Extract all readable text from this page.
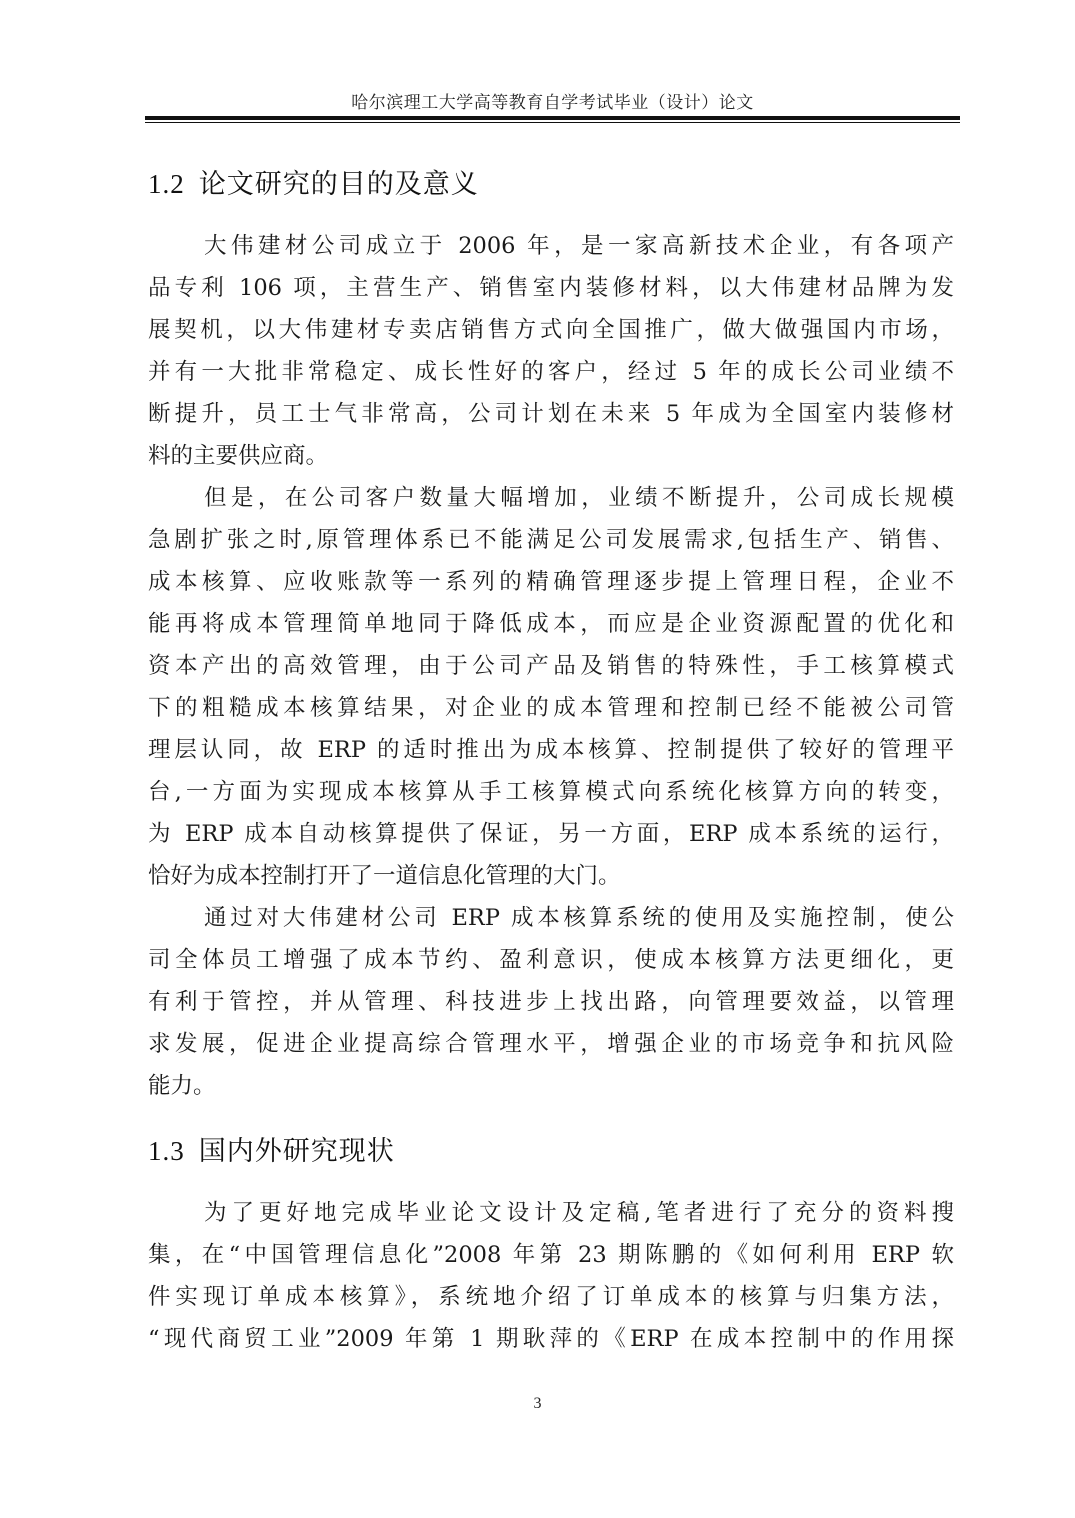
哈尔滨理工大学高等教育自学考试毕业（设计）论文
1.2 论文研究的目的及意义
大伟建材公司成立于 2006 年，是一家高新技术企业，有各项产
品专利 106 项，主营生产、销售室内装修材料，以大伟建材品牌为发
展契机，以大伟建材专卖店销售方式向全国推广，做大做强国内市场，
并有一大批非常稳定、成长性好的客户，经过 5 年的成长公司业绩不
断提升，员工士气非常高，公司计划在未来 5 年成为全国室内装修材
料的主要供应商。
但是，在公司客户数量大幅增加，业绩不断提升，公司成长规模
急剧扩张之时,原管理体系已不能满足公司发展需求,包括生产、销售、
成本核算、应收账款等一系列的精确管理逐步提上管理日程，企业不
能再将成本管理简单地同于降低成本，而应是企业资源配置的优化和
资本产出的高效管理，由于公司产品及销售的特殊性，手工核算模式
下的粗糙成本核算结果，对企业的成本管理和控制已经不能被公司管
理层认同，故 ERP 的适时推出为成本核算、控制提供了较好的管理平
台,一方面为实现成本核算从手工核算模式向系统化核算方向的转变，
为 ERP 成本自动核算提供了保证，另一方面，ERP 成本系统的运行，
恰好为成本控制打开了一道信息化管理的大门。
通过对大伟建材公司 ERP 成本核算系统的使用及实施控制，使公
司全体员工增强了成本节约、盈利意识，使成本核算方法更细化，更
有利于管控，并从管理、科技进步上找出路，向管理要效益，以管理
求发展，促进企业提高综合管理水平，增强企业的市场竞争和抗风险
能力。
1.3 国内外研究现状
为了更好地完成毕业论文设计及定稿,笔者进行了充分的资料搜
集，在“中国管理信息化”2008 年第 23 期陈鹏的《如何利用 ERP 软
件实现订单成本核算》，系统地介绍了订单成本的核算与归集方法，
“现代商贸工业”2009 年第 1 期耿萍的《ERP 在成本控制中的作用探
3
